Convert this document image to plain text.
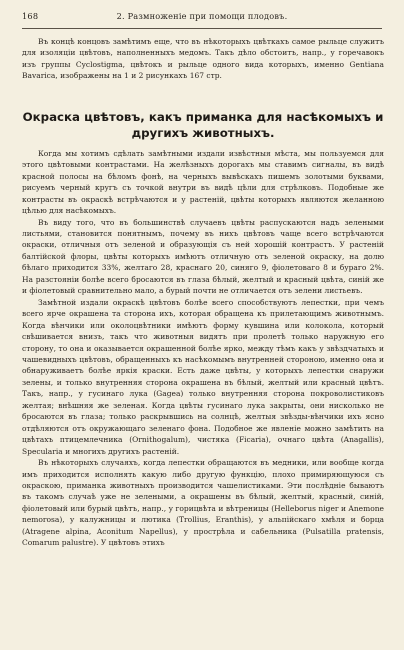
168	2. Размноженіе при помощи плодовъ.

Въ концѣ концовъ замѣтимъ еще, что въ нѣкоторыхъ цвѣткахъ самое рыльце служитъ для изоляціи цвѣтовъ, наполненныхъ медомъ. Такъ дѣло обстоитъ, напр., у горечавокъ изъ группы Cyclostigma, цвѣтокъ и рыльце одного вида которыхъ, именно Gentiana Bavarica, изображены на 1 и 2 рисункахъ 167 стр.

Окраска цвѣтовъ, какъ приманка для насѣкомыхъ и другихъ животныхъ.

Когда мы хотимъ сдѣлать замѣтными издали извѣстныя мѣста, мы пользуемся для этого цвѣтовыми контрастами. На желѣзныхъ дорогахъ мы ставимъ сигналы, въ видѣ красной полосы на бѣломъ фонѣ, на черныхъ вывѣскахъ пишемъ золотыми буквами, рисуемъ черный кругъ съ точкой внутри въ видѣ цѣли для стрѣлковъ. Подобные же контрасты въ окраскѣ встрѣчаются и у растеній, цвѣты которыхъ являются желанною цѣлью для насѣкомыхъ.

Въ виду того, что въ большинствѣ случаевъ цвѣты распускаются надъ зелеными листьями, становится понятнымъ, почему въ нихъ цвѣтовъ чаще всего встрѣчаются окраски, отличныя отъ зеленой и образующія съ ней хорошій контрастъ. У растеній балтійской флоры, цвѣты которыхъ имѣютъ отличную отъ зеленой окраску, на долю бѣлаго приходится 33%, желтаго 28, краснаго 20, синяго 9, фіолетоваго 8 и бураго 2%. На разстояніи болѣе всего бросаются въ глаза бѣлый, желтый и красный цвѣта, синій же и фіолетовый сравнительно мало, а бурый почти не отличается отъ зелени листьевъ.

Замѣтной издали окраскѣ цвѣтовъ болѣе всего способствуютъ лепестки, при чемъ всего ярче окрашена та сторона ихъ, которая обращена къ прилетающимъ животнымъ. Когда вѣнчики или околоцвѣтники имѣютъ форму кувшина или колокола, который свѣшивается внизъ, такъ что животныя видятъ при пролетѣ только наружную его сторону, то она и оказывается окрашенной болѣе ярко, между тѣмъ какъ у звѣздчатыхъ и чашевидныхъ цвѣтовъ, обращенныхъ къ насѣкомымъ внутренней стороною, именно она и обнаруживаетъ болѣе яркія краски. Есть даже цвѣты, у которыхъ лепестки снаружи зелены, и только внутренняя сторона окрашена въ бѣлый, желтый или красный цвѣтъ. Такъ, напр., у гусинаго лука (Gagea) только внутренняя сторона покроволистиковъ желтая; внѣшняя же зеленая. Когда цвѣты гусинаго лука закрыты, они нисколько не бросаются въ глаза; только раскрывшись на солнцѣ, желтыя звѣзды-вѣнчики ихъ ясно отдѣляются отъ окружающаго зеленаго фона. Подобное же явленіе можно замѣтить на цвѣтахъ птицемлечника (Ornithogalum), чистяка (Ficaria), очнаго цвѣта (Anagallis), Specularia и многихъ другихъ растеній.

Въ нѣкоторыхъ случаяхъ, когда лепестки обращаются въ медники, или вообще когда имъ приходится исполнять какую либо другую функцію, плохо примиряющуюся съ окраскою, приманка животныхъ производится чашелистиками. Эти послѣдніе бываютъ въ такомъ случаѣ уже не зелеными, а окрашены въ бѣлый, желтый, красный, синій, фіолетовый или бурый цвѣтъ, напр., у горицвѣта и вѣтреницы (Helleborus niger и Anemone nemorosa), у калужницы и лютика (Trollius, Eranthis), у альпійскаго хмѣля и борца (Atragene alpina, Aconitum Napellus), у прострѣла и сабельника (Pulsatilla pratensis, Comarum palustre). У цвѣтовъ этихъ
